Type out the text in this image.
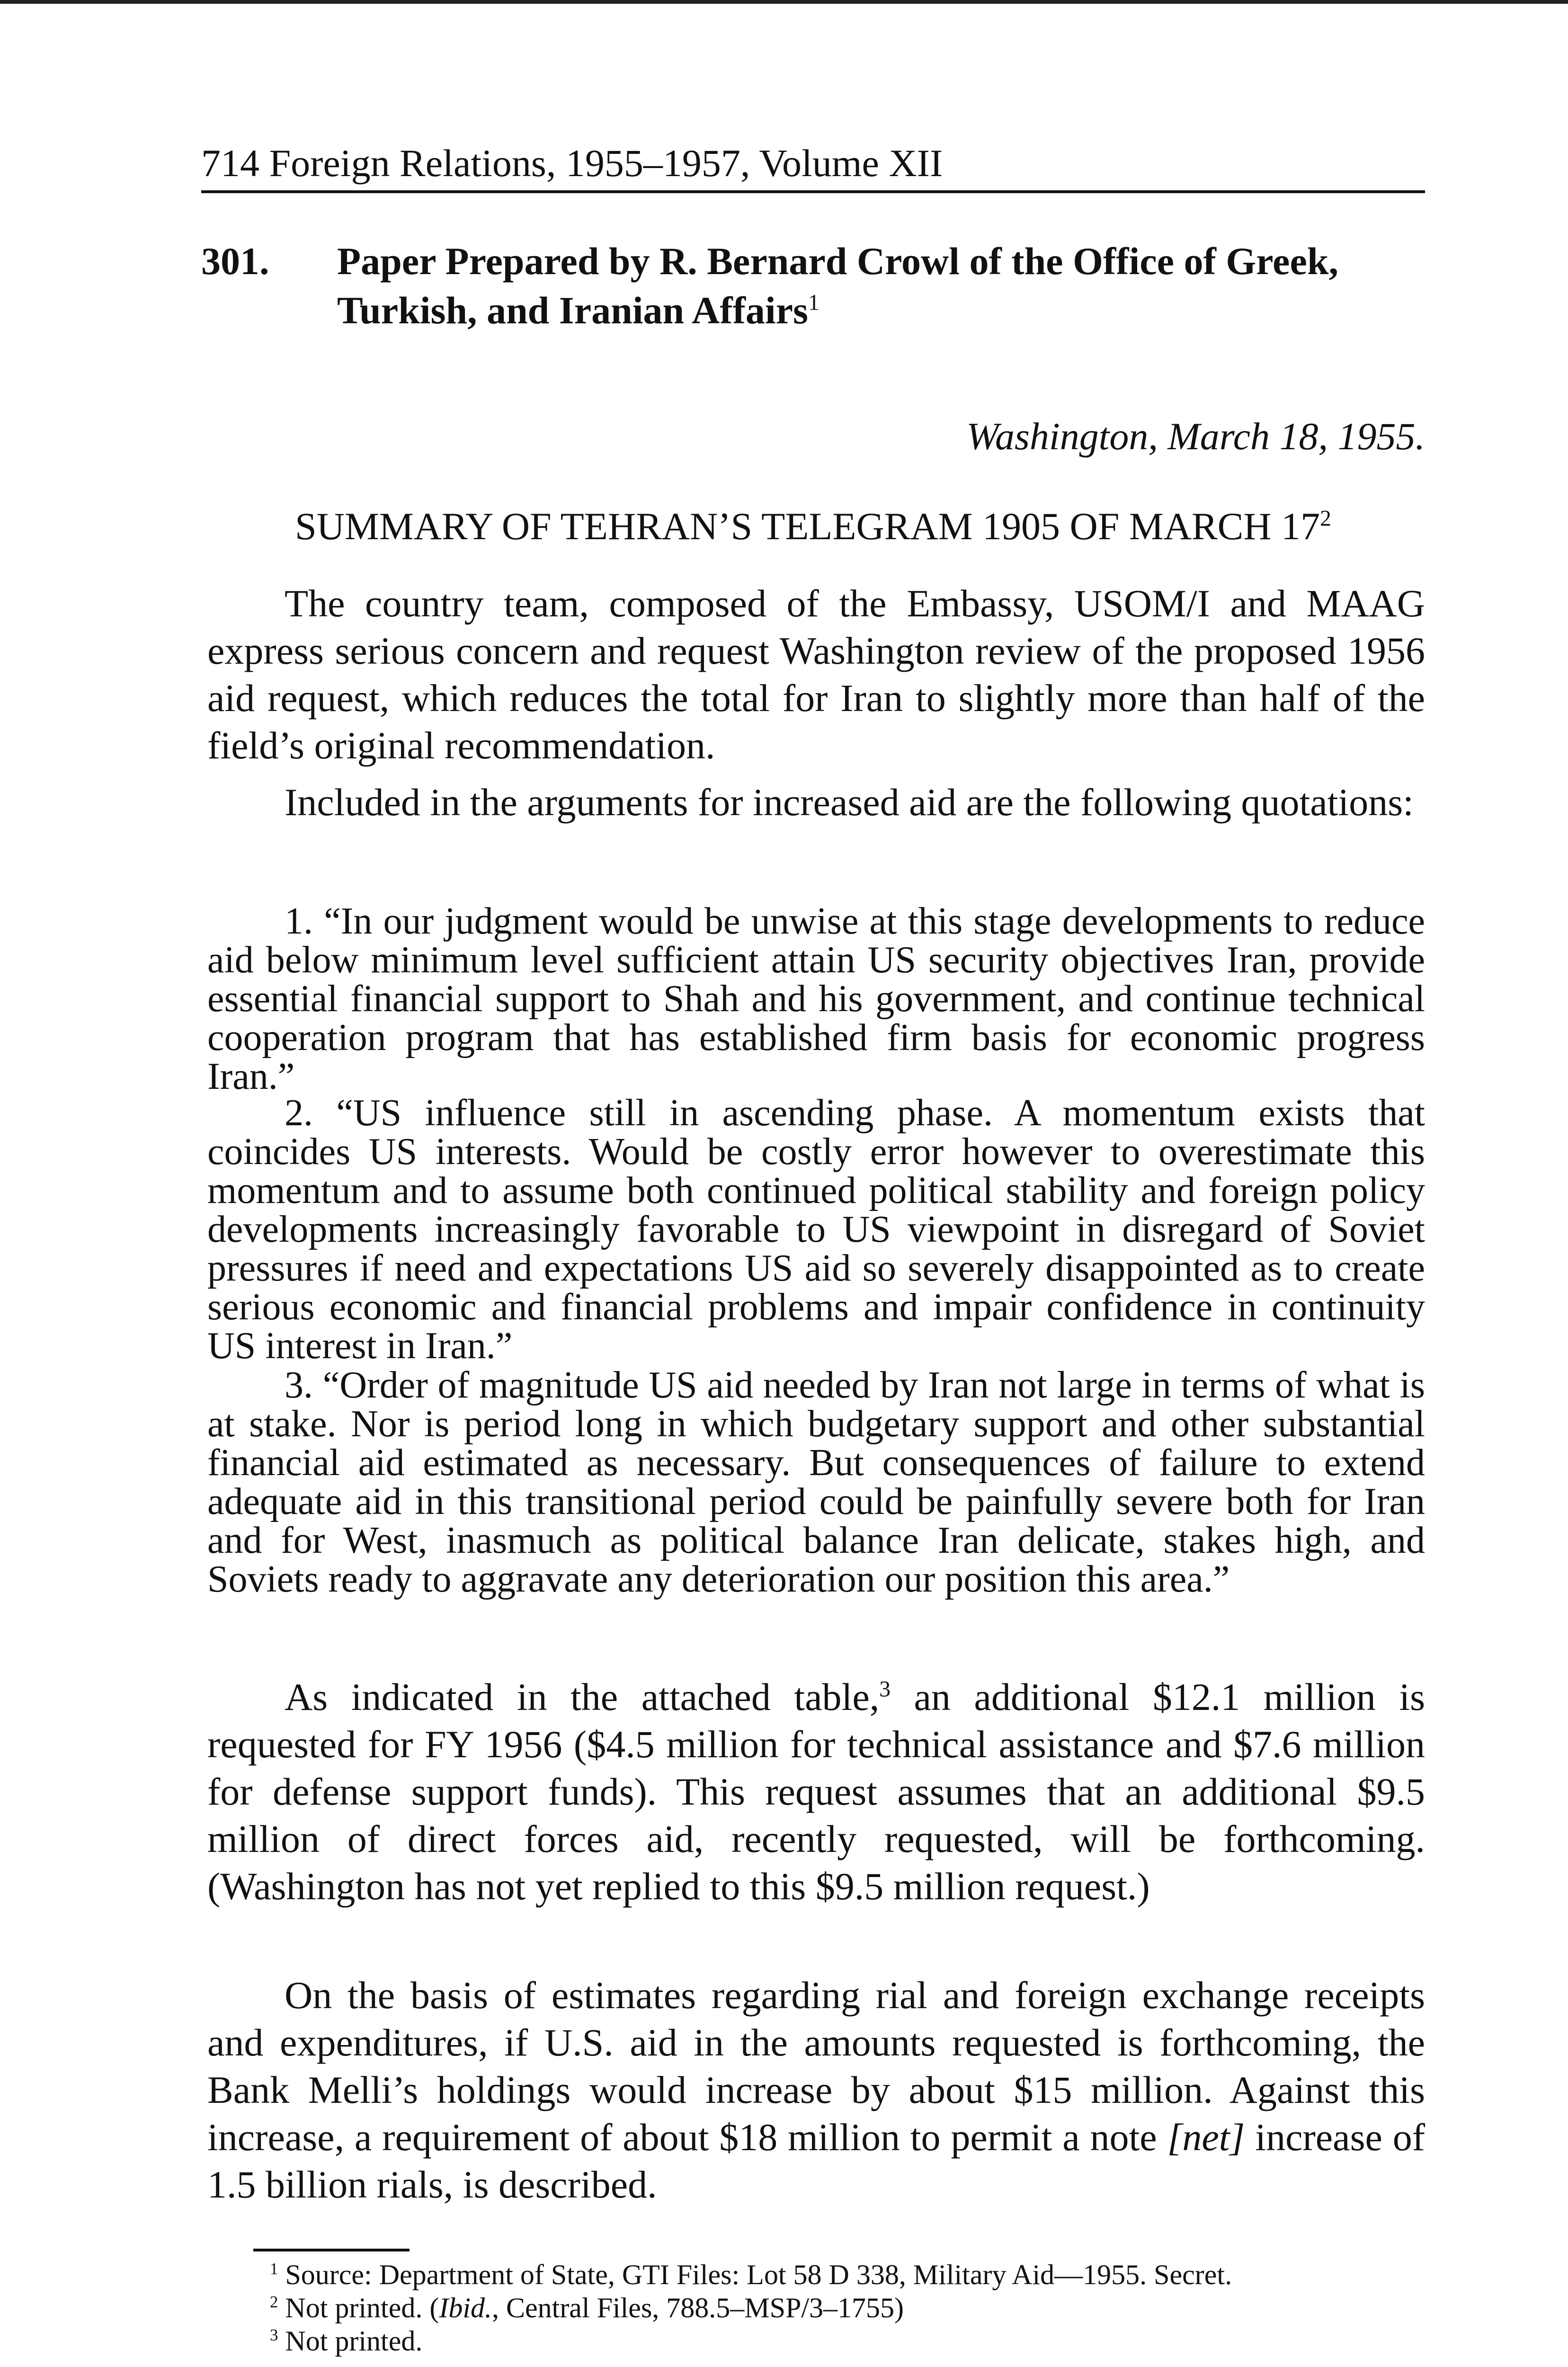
714 Foreign Relations, 1955–1957, Volume XII
301. Paper Prepared by R. Bernard Crowl of the Office of Greek, Turkish, and Iranian Affairs$^1$
Washington, March 18, 1955.
SUMMARY OF TEHRAN’S TELEGRAM 1905 OF MARCH $17^2$

The country team, composed of the Embassy, USOM/I and MAAG express serious concern and request Washington review of the proposed 1956 aid request, which reduces the total for Iran to slightly more than half of the field’s original recommendation.

Included in the arguments for increased aid are the following quotations:

1. “In our judgment would be unwise at this stage developments to reduce aid below minimum level sufficient attain US security objectives Iran, provide essential financial support to Shah and his government, and continue technical cooperation program that has established firm basis for economic progress Iran.”

2. “US influence still in ascending phase. A momentum exists that coincides US interests. Would be costly error however to overestimate this momentum and to assume both continued political stability and foreign policy developments increasingly favorable to US viewpoint in disregard of Soviet pressures if need and expectations US aid so severely disappointed as to create serious economic and financial problems and impair confidence in continuity US interest in Iran.”

3. “Order of magnitude US aid needed by Iran not large in terms of what is at stake. Nor is period long in which budgetary support and other substantial financial aid estimated as necessary. But consequences of failure to extend adequate aid in this transitional period could be painfully severe both for Iran and for West, inasmuch as political balance Iran delicate, stakes high, and Soviets ready to aggravate any deterioration our position this area.”

As indicated in the attached table,$^3$ an additional $12.1 million is requested for FY 1956 ($4.5 million for technical assistance and $7.6 million for defense support funds). This request assumes that an additional $9.5 million of direct forces aid, recently requested, will be forthcoming. (Washington has not yet replied to this $9.5 million request.)

On the basis of estimates regarding rial and foreign exchange receipts and expenditures, if U.S. aid in the amounts requested is forthcoming, the Bank Melli’s holdings would increase by about $15 million. Against this increase, a requirement of about $18 million to permit a note [net] increase of 1.5 billion rials, is described.

$^1$ Source: Department of State, GTI Files: Lot 58 D 338, Military Aid—1955. Secret.
$^2$ Not printed. (Ibid., Central Files, 788.5–MSP/3–1755)
$^3$ Not printed.
